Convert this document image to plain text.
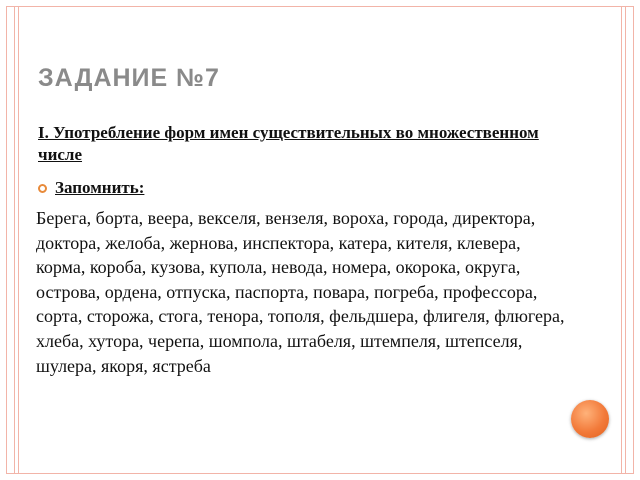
ЗАДАНИЕ №7
I. Употребление форм имен существительных во множественном числе
Запомнить:
Берега, борта, веера, векселя, вензеля, вороха, города, директора, доктора, желоба, жернова, инспектора, катера, кителя, клевера, корма, короба, кузова, купола, невода, номера, окорока, округа, острова, ордена, отпуска, паспорта, повара, погреба, профессора, сорта, сторожа, стога, тенора, тополя, фельдшера, флигеля, флюгера, хлеба, хутора, черепа, шомпола, штабеля, штемпеля, штепселя, шулера, якоря, ястреба
